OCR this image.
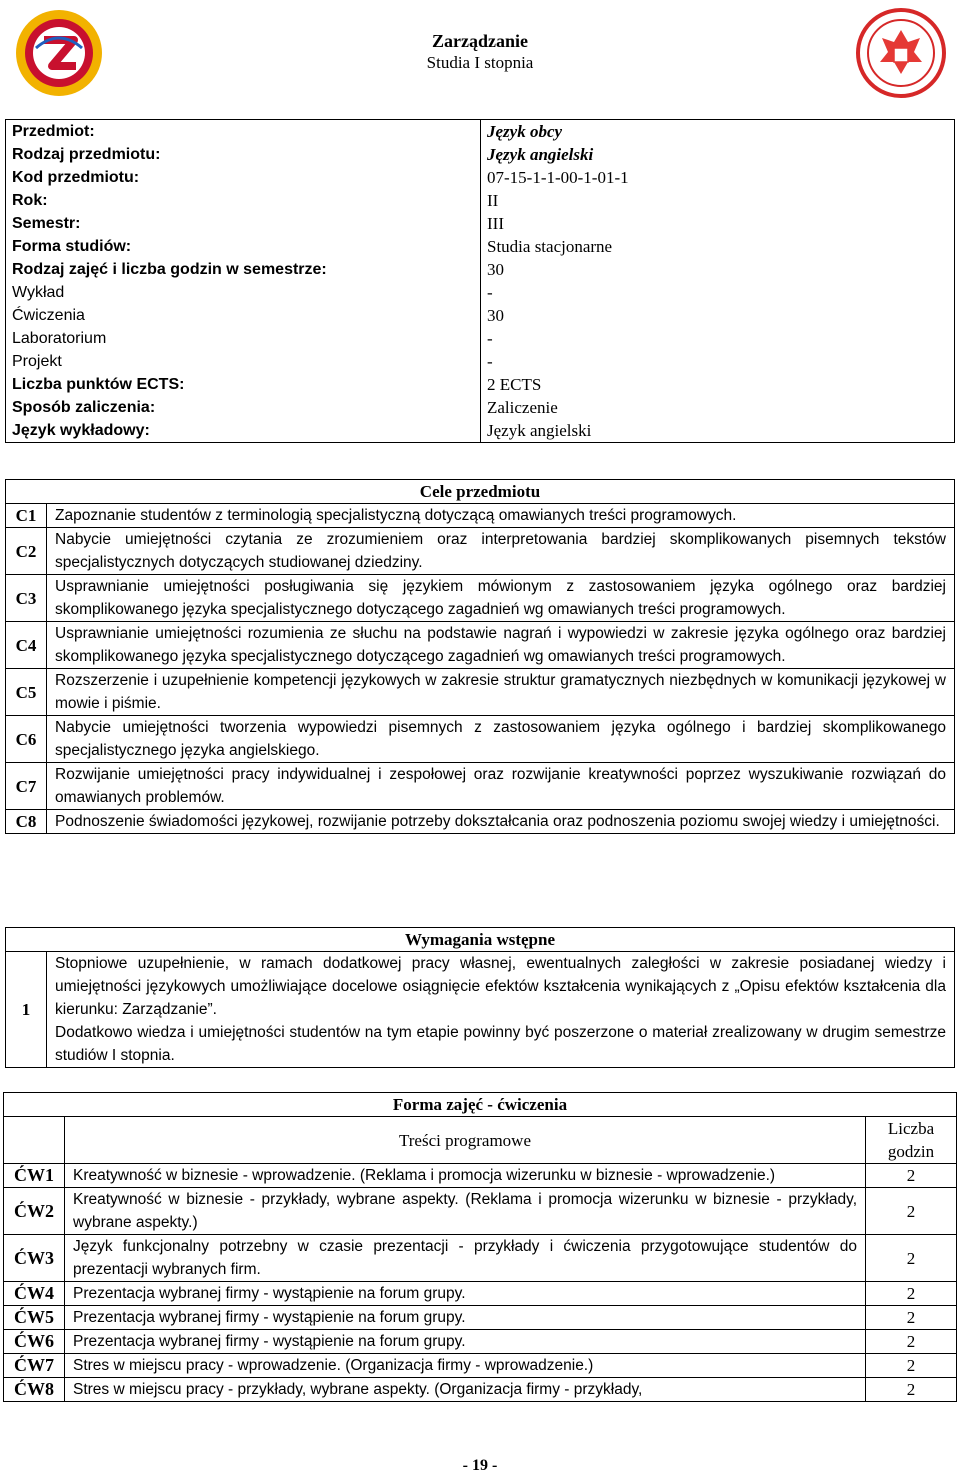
Zarządzanie
Studia I stopnia
Przedmiot:	Język obcy
Rodzaj przedmiotu:	Język angielski
Kod przedmiotu:	07-15-1-1-00-1-01-1
Rok:	II
Semestr:	III
Forma studiów:	Studia stacjonarne
Rodzaj zajęć i liczba godzin w semestrze:	30
Wykład	-
Ćwiczenia	30
Laboratorium	-
Projekt	-
Liczba punktów ECTS:	2 ECTS
Sposób zaliczenia:	Zaliczenie
Język wykładowy:	Język angielski
Cele przedmiotu	
C1	Zapoznanie studentów z terminologią specjalistyczną dotyczącą omawianych treści programowych.
C2	Nabycie umiejętności czytania ze zrozumieniem oraz interpretowania bardziej skomplikowanych pisemnych tekstów specjalistycznych dotyczących studiowanej dziedziny.
C3	Usprawnianie umiejętności posługiwania się językiem mówionym z zastosowaniem języka ogólnego oraz bardziej skomplikowanego języka specjalistycznego dotyczącego zagadnień wg omawianych treści programowych.
C4	Usprawnianie umiejętności rozumienia ze słuchu na podstawie nagrań i wypowiedzi w zakresie języka ogólnego oraz bardziej skomplikowanego języka specjalistycznego dotyczącego zagadnień wg omawianych treści programowych.
C5	Rozszerzenie i uzupełnienie kompetencji językowych w zakresie struktur gramatycznych niezbędnych w komunikacji językowej w mowie i piśmie.
C6	Nabycie umiejętności tworzenia wypowiedzi pisemnych z zastosowaniem języka ogólnego i bardziej skomplikowanego specjalistycznego języka angielskiego.
C7	Rozwijanie umiejętności pracy indywidualnej i zespołowej oraz rozwijanie kreatywności poprzez wyszukiwanie rozwiązań do omawianych problemów.
C8	Podnoszenie świadomości językowej, rozwijanie potrzeby dokształcania oraz podnoszenia poziomu swojej wiedzy i umiejętności.
Wymagania wstępne
1	
Stopniowe uzupełnienie, w ramach dodatkowej pracy własnej, ewentualnych zaległości w zakresie posiadanej wiedzy i umiejętności językowych umożliwiające docelowe osiągnięcie efektów kształcenia wynikających z „Opisu efektów kształcenia dla kierunku: Zarządzanie”.
Dodatkowo wiedza i umiejętności studentów na tym etapie powinny być poszerzone o materiał zrealizowany w drugim semestrze studiów I stopnia.
Forma zajęć - ćwiczenia		
	Treści programowe	Liczba godzin
ĆW1	Kreatywność w biznesie - wprowadzenie. (Reklama i promocja wizerunku w biznesie - wprowadzenie.)	2
ĆW2	Kreatywność w biznesie - przykłady, wybrane aspekty. (Reklama i promocja wizerunku w biznesie - przykłady, wybrane aspekty.)	2
ĆW3	Język funkcjonalny potrzebny w czasie prezentacji - przykłady i ćwiczenia przygotowujące studentów do prezentacji wybranych firm.	2
ĆW4	Prezentacja wybranej firmy - wystąpienie na forum grupy.	2
ĆW5	Prezentacja wybranej firmy - wystąpienie na forum grupy.	2
ĆW6	Prezentacja wybranej firmy - wystąpienie na forum grupy.	2
ĆW7	Stres w miejscu pracy - wprowadzenie. (Organizacja firmy - wprowadzenie.)	2
ĆW8	Stres w miejscu pracy - przykłady, wybrane aspekty. (Organizacja firmy - przykłady,	2
- 19 -
